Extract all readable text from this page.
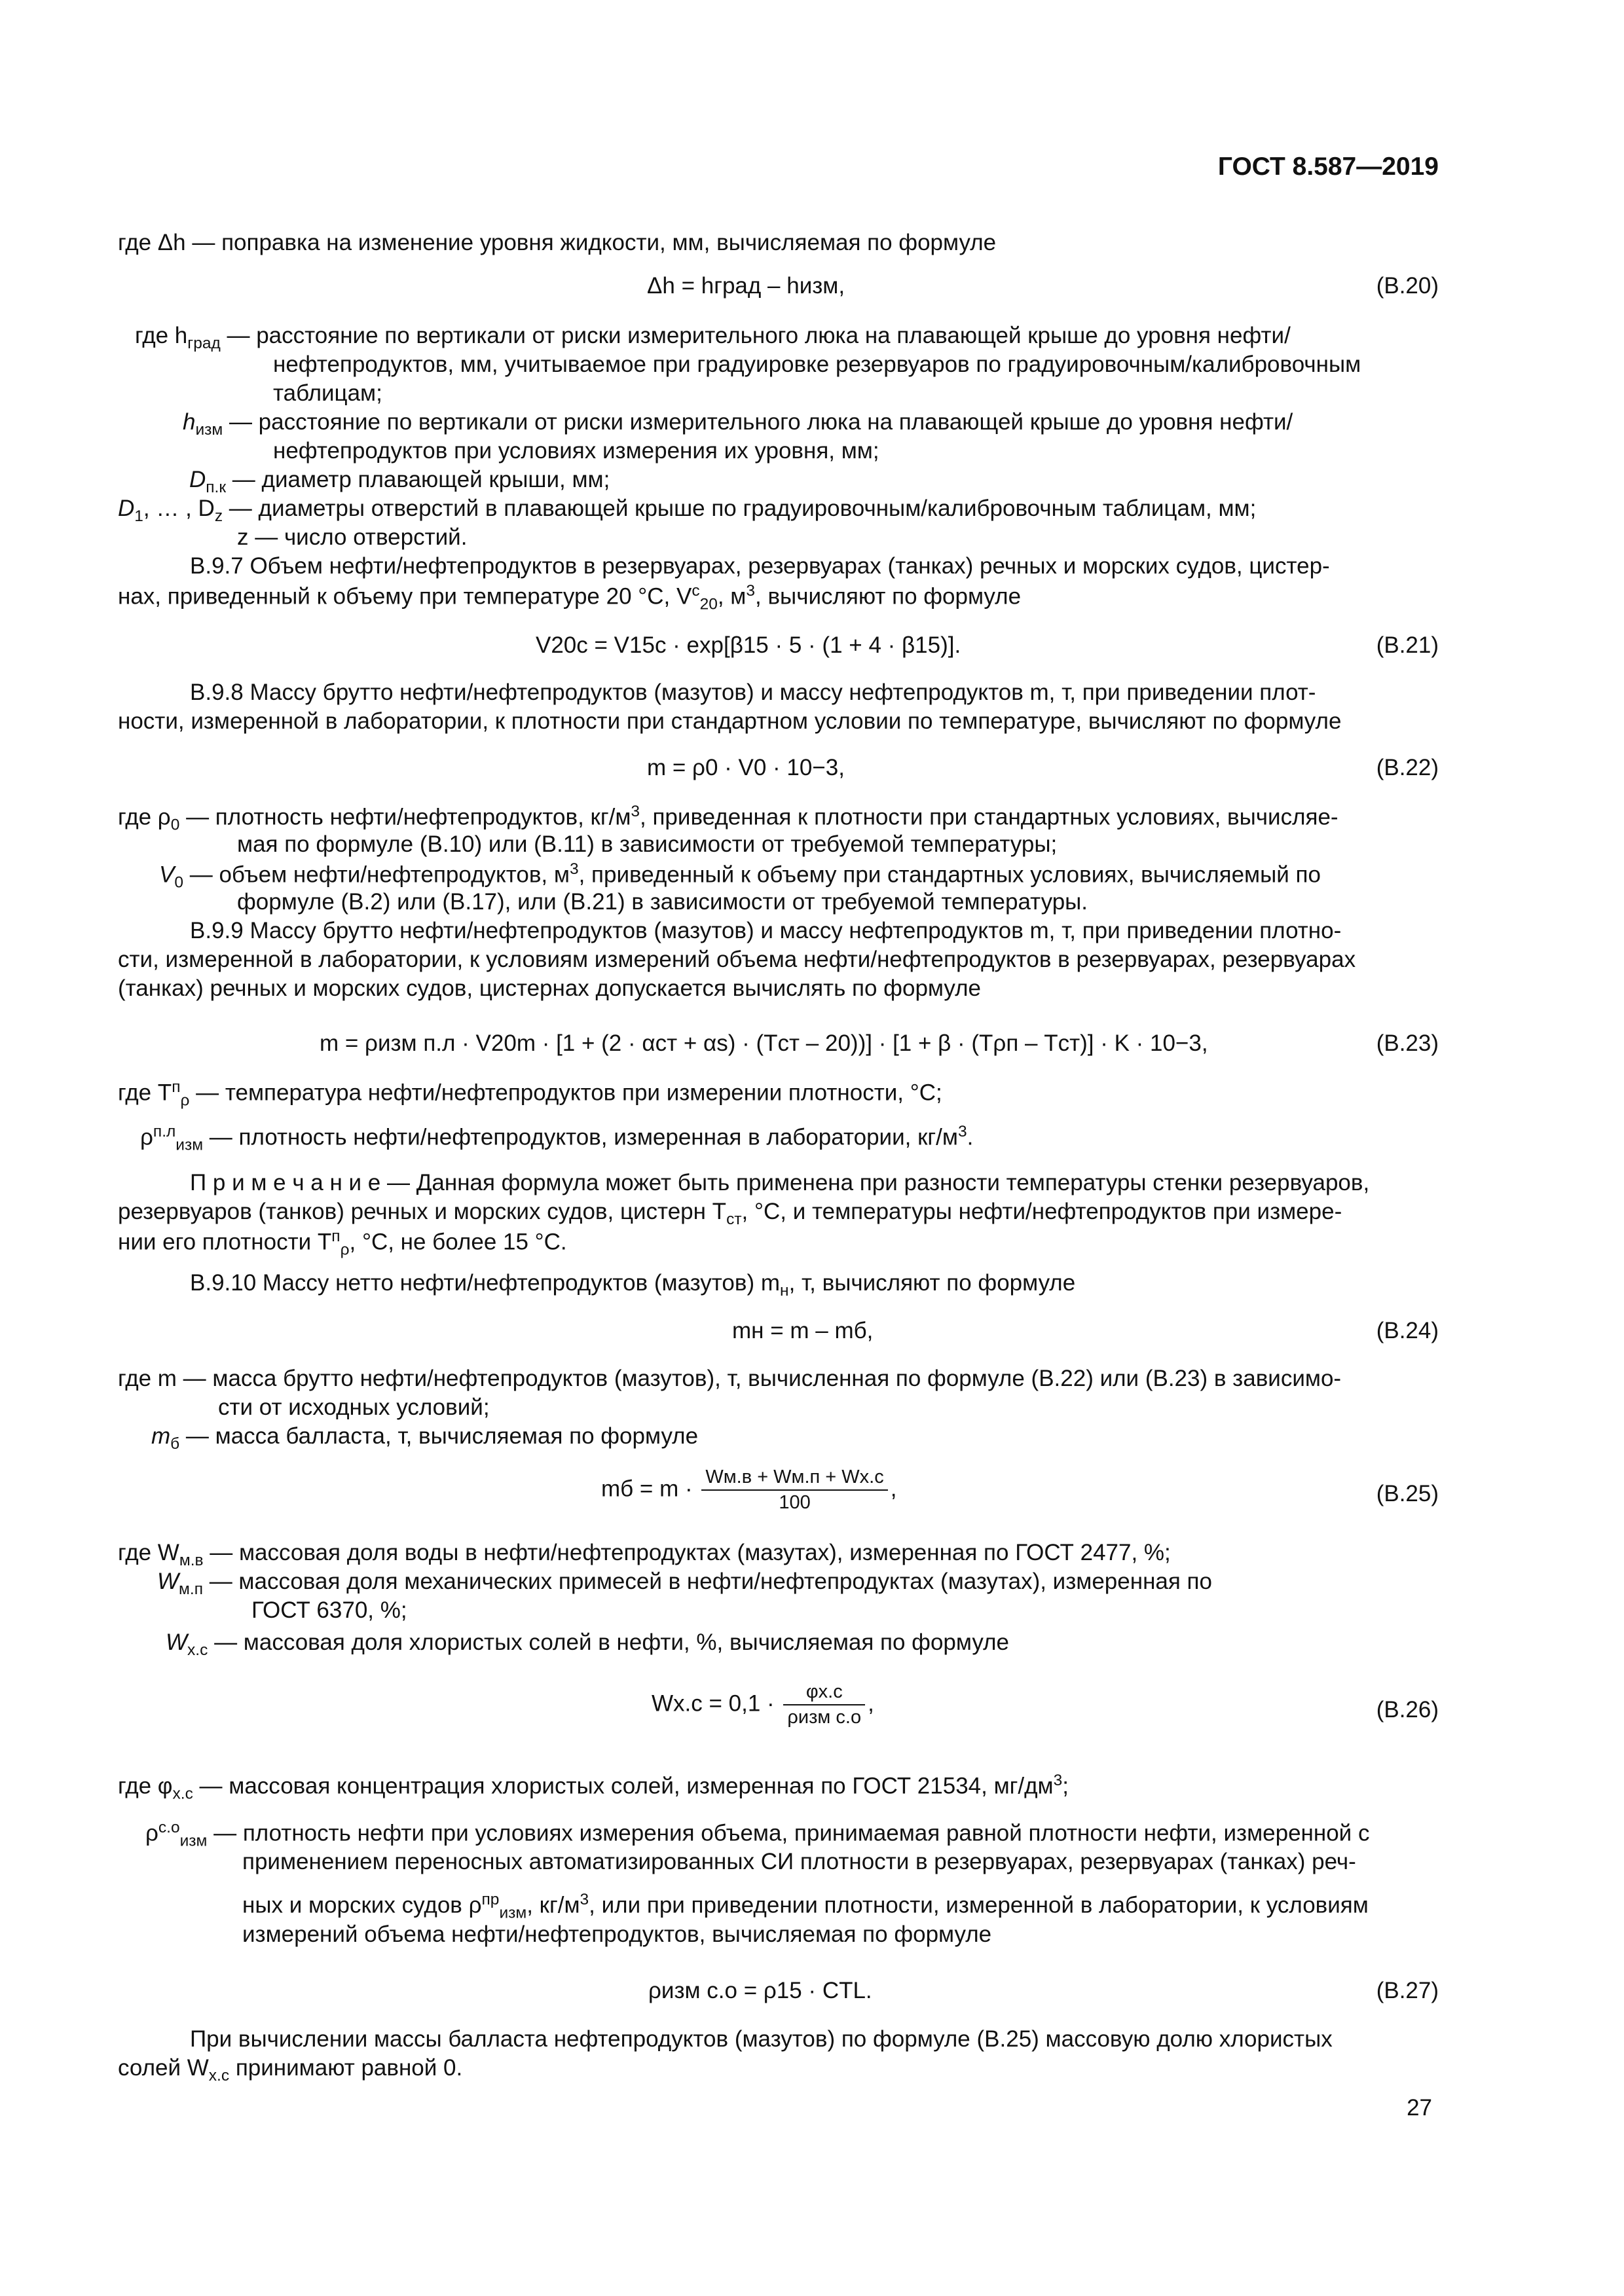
ГОСТ 8.587—2019
где Δh — поправка на изменение уровня жидкости, мм, вычисляемая по формуле
Δh = hград – hизм,	(В.20)
где $h_{град}$ — расстояние по вертикали от риски измерительного люка на плавающей крыше до уровня нефти/
нефтепродуктов, мм, учитываемое при градуировке резервуаров по градуировочным/калибровочным
таблицам;
$h_{изм}$ — расстояние по вертикали от риски измерительного люка на плавающей крыше до уровня нефти/
нефтепродуктов при условиях измерения их уровня, мм;
$D_{п.к}$ — диаметр плавающей крыши, мм;
$D_1$, … , $D_z$ — диаметры отверстий в плавающей крыше по градуировочным/калибровочным таблицам, мм;
z — число отверстий.
В.9.7 Объем нефти/нефтепродуктов в резервуарах, резервуарах (танках) речных и морских судов, цистер-
нах, приведенный к объему при температуре 20 °C, $V^c_{20}$, $м^3$, вычисляют по формуле
V20c = V15c · exp[β15 · 5 · (1 + 4 · β15)].	(В.21)
В.9.8 Массу брутто нефти/нефтепродуктов (мазутов) и массу нефтепродуктов m, т, при приведении плот-
ности, измеренной в лаборатории, к плотности при стандартном условии по температуре, вычисляют по формуле
m = ρ0 · V0 · 10−3,	(В.22)
где $\rho_0$ — плотность нефти/нефтепродуктов, $кг/м^3$, приведенная к плотности при стандартных условиях, вычисляе-
мая по формуле (В.10) или (В.11) в зависимости от требуемой температуры;
$V_0$ — объем нефти/нефтепродуктов, $м^3$, приведенный к объему при стандартных условиях, вычисляемый по
формуле (В.2) или (В.17), или (В.21) в зависимости от требуемой температуры.
В.9.9 Массу брутто нефти/нефтепродуктов (мазутов) и массу нефтепродуктов m, т, при приведении плотно-
сти, измеренной в лаборатории, к условиям измерений объема нефти/нефтепродуктов в резервуарах, резервуарах
(танках) речных и морских судов, цистернах допускается вычислять по формуле
m = ρизм п.л · V20m · [1 + (2 · αст + αs) · (Tст – 20))] · [1 + β · (Tρп – Tст)] · K · 10−3,	(В.23)
где $T^п_\rho$ — температура нефти/нефтепродуктов при измерении плотности, °C;
$\rho^{п.л}_{изм}$ — плотность нефти/нефтепродуктов, измеренная в лаборатории, $кг/м^3$.
П р и м е ч а н и е — Данная формула может быть применена при разности температуры стенки резервуаров,
резервуаров (танков) речных и морских судов, цистерн $T_{ст}$, °C, и температуры нефти/нефтепродуктов при измере-
нии его плотности $T^п_\rho$, °C, не более 15 °C.
В.9.10 Массу нетто нефти/нефтепродуктов (мазутов) $m_н$, т, вычисляют по формуле
mн = m – mб,	(В.24)
где m — масса брутто нефти/нефтепродуктов (мазутов), т, вычисленная по формуле (В.22) или (В.23) в зависимо-
сти от исходных условий;
$m_б$ — масса балласта, т, вычисляемая по формуле
mб = $m \cdot \frac{Wм.в + Wм.п + Wх.с}{100}$ ,	(В.25)
где $W_{м.в}$ — массовая доля воды в нефти/нефтепродуктах (мазутах), измеренная по ГОСТ 2477, %;
$W_{м.п}$ — массовая доля механических примесей в нефти/нефтепродуктах (мазутах), измеренная по
ГОСТ 6370, %;
$W_{х.с}$ — массовая доля хлористых солей в нефти, %, вычисляемая по формуле
$Wх.с = 0,1 \cdot \frac{\varphi х.с}{\text{ρизм с.о}}$ ,	(В.26)
где $\varphi_{х.с}$ — массовая концентрация хлористых солей, измеренная по ГОСТ 21534, $мг/дм^3$;
$\rho^{с.о}_{изм}$ — плотность нефти при условиях измерения объема, принимаемая равной плотности нефти, измеренной с
применением переносных автоматизированных СИ плотности в резервуарах, резервуарах (танках) реч-
ных и морских судов $\rho^{пр}_{изм}$, $кг/м^3$, или при приведении плотности, измеренной в лаборатории, к условиям
измерений объема нефти/нефтепродуктов, вычисляемая по формуле
ρизм с.о = ρ15 · CTL.	(В.27)
При вычислении массы балласта нефтепродуктов (мазутов) по формуле (В.25) массовую долю хлористых
солей $W_{х.с}$ принимают равной 0.
27
